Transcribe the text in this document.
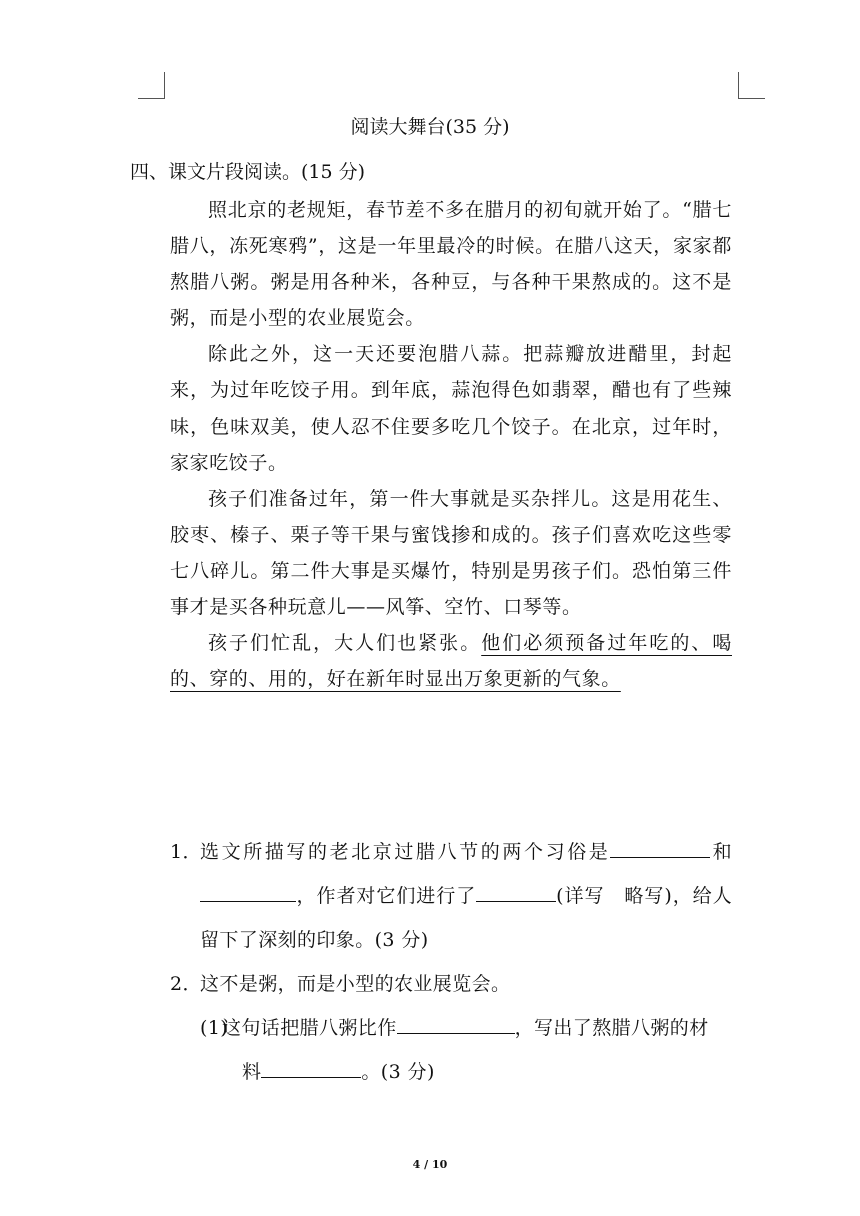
阅读大舞台(35 分)
四、课文片段阅读。(15 分)

照北京的老规矩，春节差不多在腊月的初旬就开始了。“腊七腊八，冻死寒鸦”，这是一年里最冷的时候。在腊八这天，家家都熬腊八粥。粥是用各种米，各种豆，与各种干果熬成的。这不是粥，而是小型的农业展览会。

除此之外，这一天还要泡腊八蒜。把蒜瓣放进醋里，封起来，为过年吃饺子用。到年底，蒜泡得色如翡翠，醋也有了些辣味，色味双美，使人忍不住要多吃几个饺子。在北京，过年时，家家吃饺子。

孩子们准备过年，第一件大事就是买杂拌儿。这是用花生、胶枣、榛子、栗子等干果与蜜饯掺和成的。孩子们喜欢吃这些零七八碎儿。第二件大事是买爆竹，特别是男孩子们。恐怕第三件事才是买各种玩意儿——风筝、空竹、口琴等。

孩子们忙乱，大人们也紧张。他们必须预备过年吃的、喝的、穿的、用的，好在新年时显出万象更新的气象。

1．
选文所描写的老北京过腊八节的两个习俗是	和，作者对它们进行了	(详写　略写)，给人留下了深刻的印象。(3 分)
2．
这不是粥，而是小型的农业展览会。
(1)
这句话把腊八粥比作	，写出了熬腊八粥的材
料	。(3 分)
4 / 10
